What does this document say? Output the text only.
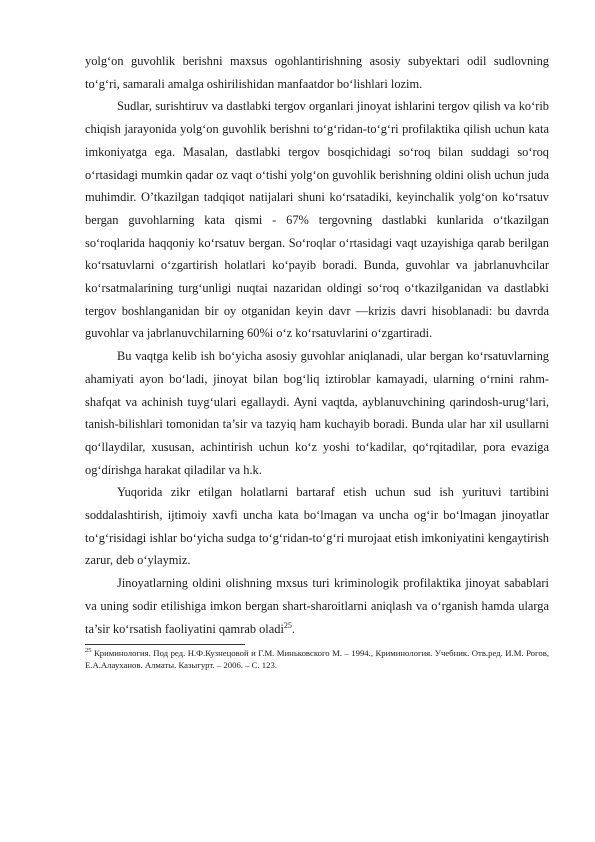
yolg‘on guvohlik berishni maxsus ogohlantirishning asosiy subyektari odil sudlovning to‘g‘ri, samarali amalga oshirilishidan manfaatdor bo‘lishlari lozim.

Sudlar, surishtiruv va dastlabki tergov organlari jinoyat ishlarini tergov qilish va ko‘rib chiqish jarayonida yolg‘on guvohlik berishni to‘g‘ridan-to‘g‘ri profilaktika qilish uchun kata imkoniyatga ega. Masalan, dastlabki tergov bosqichidagi so‘roq bilan suddagi so‘roq o‘rtasidagi mumkin qadar oz vaqt o‘tishi yolg‘on guvohlik berishning oldini olish uchun juda muhimdir. O’tkazilgan tadqiqot natijalari shuni ko‘rsatadiki, keyinchalik yolg‘on ko‘rsatuv bergan guvohlarning kata qismi - 67% tergovning dastlabki kunlarida o‘tkazilgan so‘roqlarida haqqoniy ko‘rsatuv bergan. So‘roqlar o‘rtasidagi vaqt uzayishiga qarab berilgan ko‘rsatuvlarni o‘zgartirish holatlari ko‘payib boradi. Bunda, guvohlar va jabrlanuvhcilar ko‘rsatmalarining turg‘unligi nuqtai nazaridan oldingi so‘roq o‘tkazilganidan va dastlabki tergov boshlanganidan bir oy otganidan keyin davr —krizis davri hisoblanadi: bu davrda guvohlar va jabrlanuvchilarning 60%i o‘z ko‘rsatuvlarini o‘zgartiradi.

Bu vaqtga kelib ish bo‘yicha asosiy guvohlar aniqlanadi, ular bergan ko‘rsatuvlarning ahamiyati ayon bo‘ladi, jinoyat bilan bog‘liq iztiroblar kamayadi, ularning o‘rnini rahm-shafqat va achinish tuyg‘ulari egallaydi. Ayni vaqtda, ayblanuvchining qarindosh-urug‘lari, tanish-bilishlari tomonidan ta’sir va tazyiq ham kuchayib boradi. Bunda ular har xil usullarni qo‘llaydilar, xususan, achintirish uchun ko‘z yoshi to‘kadilar, qo‘rqitadilar, pora evaziga og‘dirishga harakat qiladilar va h.k.

Yuqorida zikr etilgan holatlarni bartaraf etish uchun sud ish yurituvi tartibini soddalashtirish, ijtimoiy xavfi uncha kata bo‘lmagan va uncha og‘ir bo‘lmagan jinoyatlar to‘g‘risidagi ishlar bo‘yicha sudga to‘g‘ridan-to‘g‘ri murojaat etish imkoniyatini kengaytirish zarur, deb o‘ylaymiz.

Jinoyatlarning oldini olishning mxsus turi kriminologik profilaktika jinoyat sabablari va uning sodir etilishiga imkon bergan shart-sharoitlarni aniqlash va o‘rganish hamda ularga ta’sir ko‘rsatish faoliyatini qamrab oladi$^{25}$.

$^{25}$ Криминология. Под ред. Н.Ф.Кузнецовой и Г.М. Миньковского М. – 1994., Криминология. Учебник. Отв.ред. И.М. Рогов, Е.А.Алауханов. Алматы. Казыгурт. – 2006. – С. 123.
